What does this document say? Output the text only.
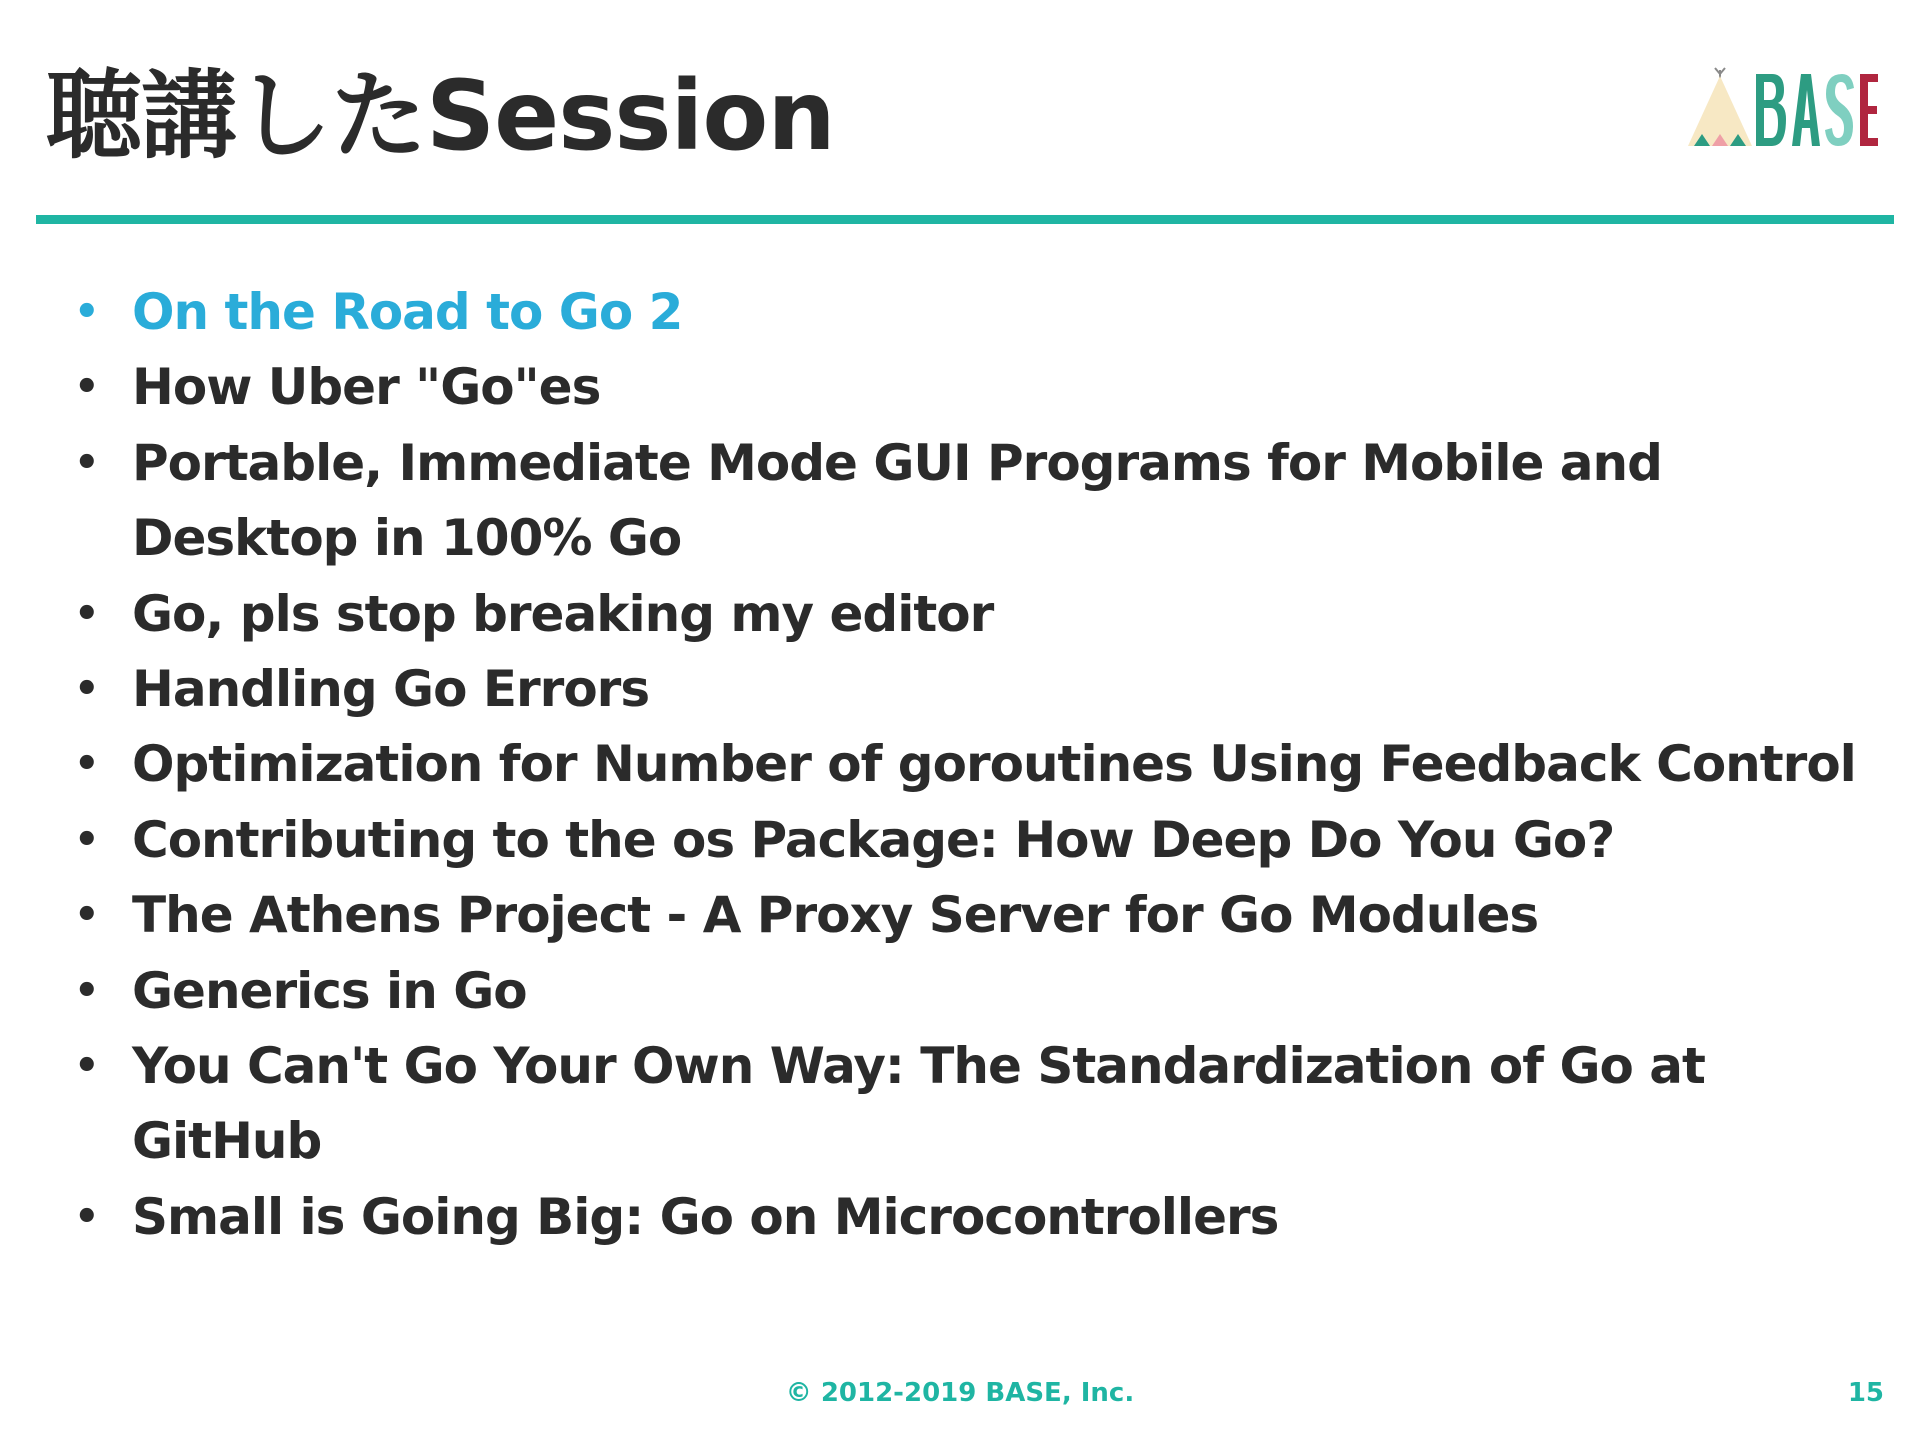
聴講したSession
• On the Road to Go 2
• How Uber "Go"es
• Portable, Immediate Mode GUI Programs for Mobile and Desktop in 100% Go
• Go, pls stop breaking my editor
• Handling Go Errors
• Optimization for Number of goroutines Using Feedback Control
• Contributing to the os Package: How Deep Do You Go?
• The Athens Project - A Proxy Server for Go Modules
• Generics in Go
• You Can't Go Your Own Way: The Standardization of Go at GitHub
• Small is Going Big: Go on Microcontrollers
© 2012-2019 BASE, Inc.	15
